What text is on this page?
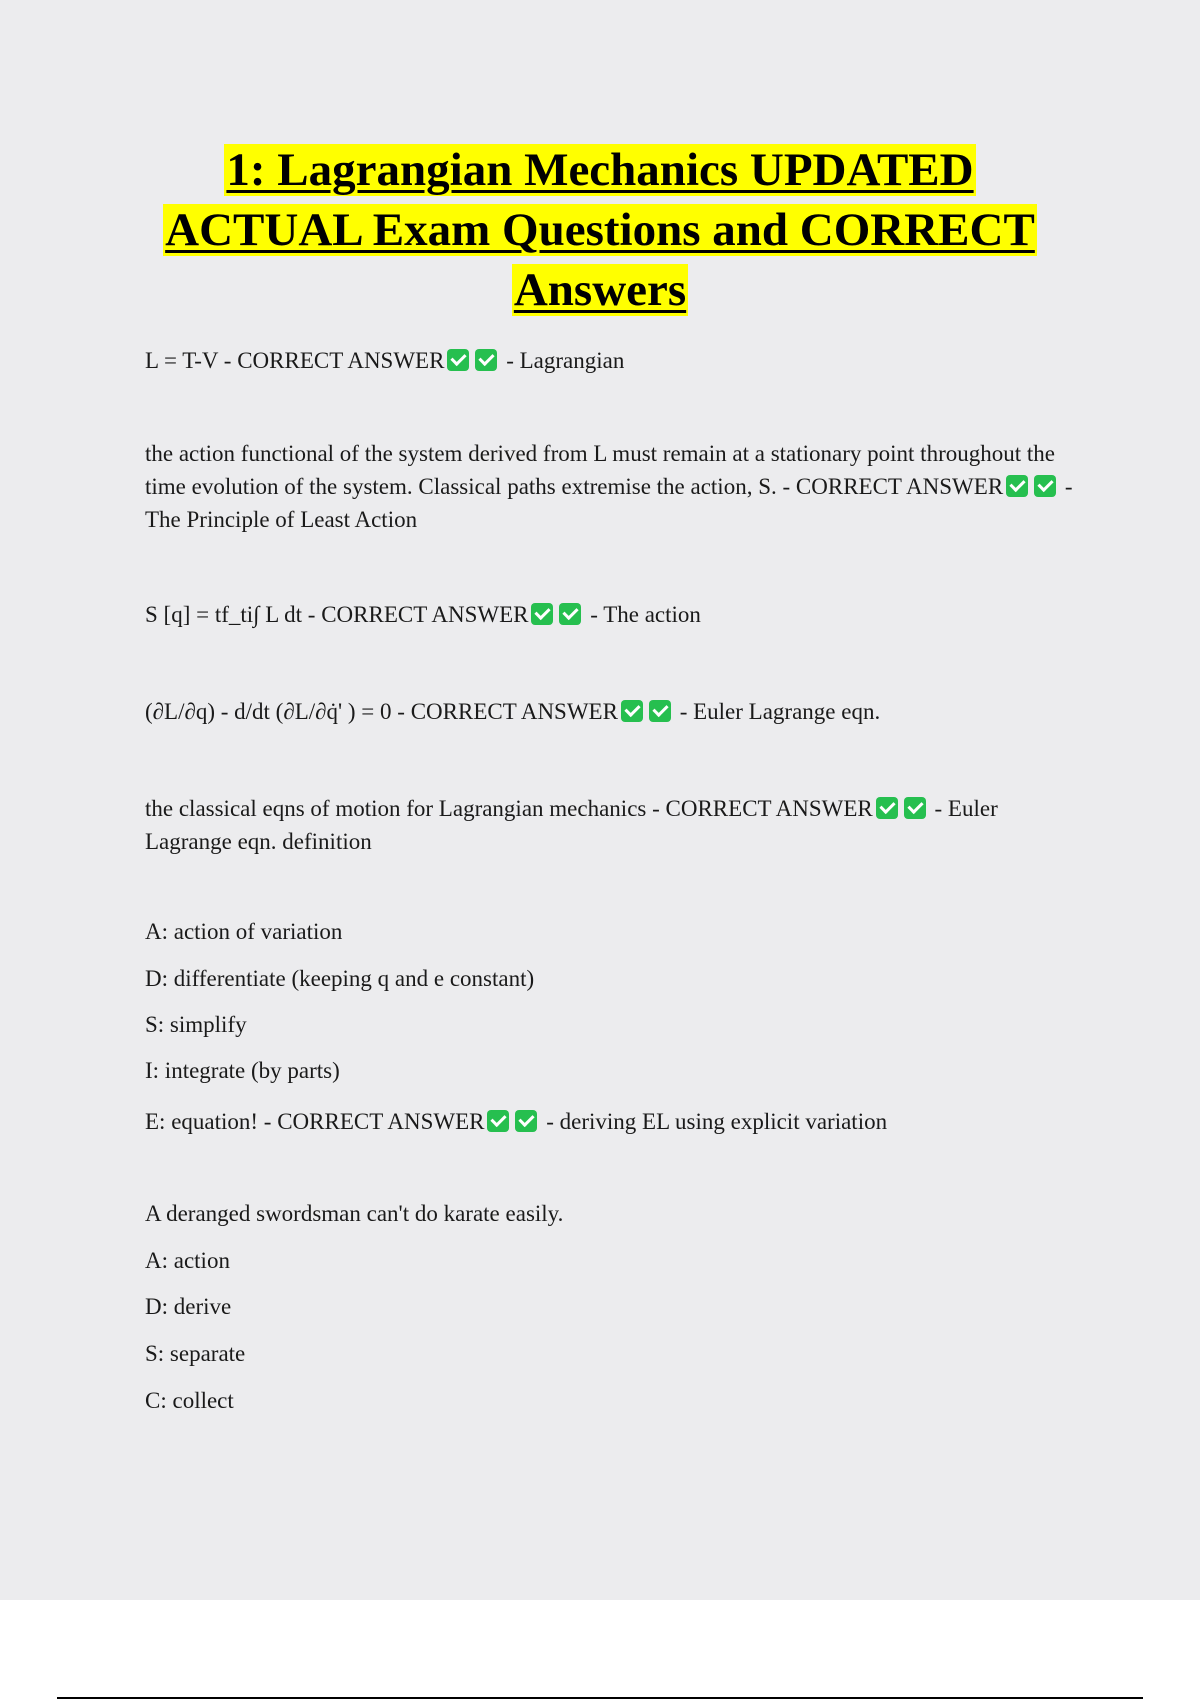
1: Lagrangian Mechanics UPDATED
ACTUAL Exam Questions and CORRECT
Answers

L = T-V - CORRECT ANSWER - Lagrangian

the action functional of the system derived from L must remain at a stationary point throughout the time evolution of the system. Classical paths extremise the action, S. - CORRECT ANSWER - The Principle of Least Action

S [q] = tf_ti∫ L dt - CORRECT ANSWER - The action

(∂L/∂q) - d/dt (∂L/∂q̇' ) = 0 - CORRECT ANSWER - Euler Lagrange eqn.

the classical eqns of motion for Lagrangian mechanics - CORRECT ANSWER - Euler Lagrange eqn. definition

A: action of variation

D: differentiate (keeping q and e constant)

S: simplify

I: integrate (by parts)

E: equation! - CORRECT ANSWER - deriving EL using explicit variation

A deranged swordsman can't do karate easily.

A: action

D: derive

S: separate

C: collect
